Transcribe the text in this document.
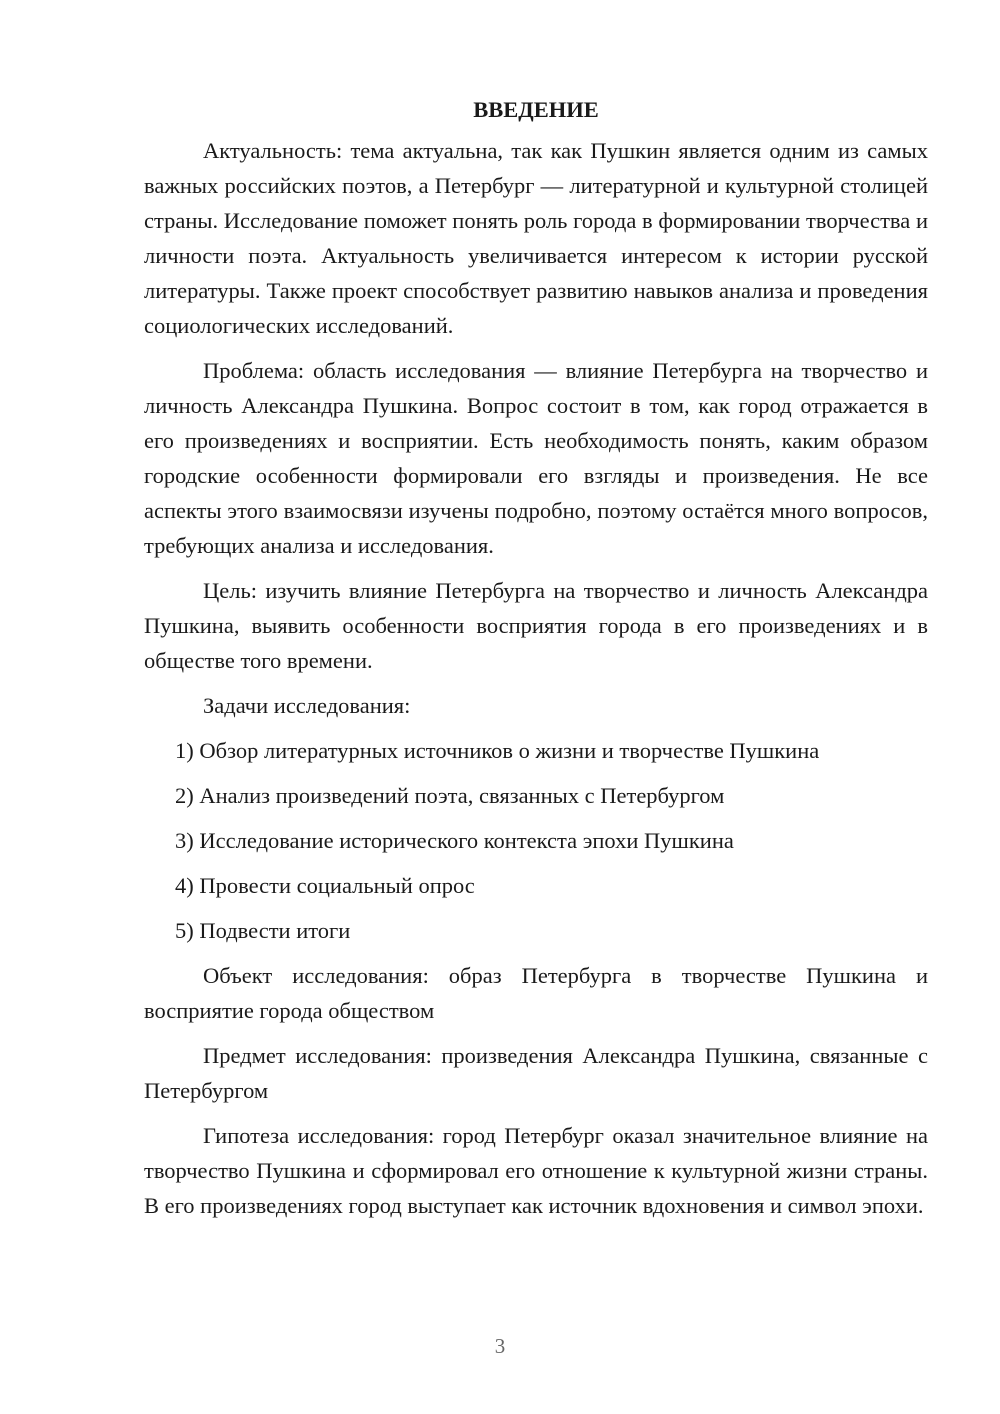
ВВЕДЕНИЕ

Актуальность: тема актуальна, так как Пушкин является одним из самых важных российских поэтов, а Петербург — литературной и культурной столицей страны. Исследование поможет понять роль города в формировании творчества и личности поэта. Актуальность увеличивается интересом к истории русской литературы. Также проект способствует развитию навыков анализа и проведения социологических исследований.

Проблема: область исследования — влияние Петербурга на творчество и личность Александра Пушкина. Вопрос состоит в том, как город отражается в его произведениях и восприятии. Есть необходимость понять, каким образом городские особенности формировали его взгляды и произведения. Не все аспекты этого взаимосвязи изучены подробно, поэтому остаётся много вопросов, требующих анализа и исследования.

Цель: изучить влияние Петербурга на творчество и личность Александра Пушкина, выявить особенности восприятия города в его произведениях и в обществе того времени.

Задачи исследования:

1) Обзор литературных источников о жизни и творчестве Пушкина
2) Анализ произведений поэта, связанных с Петербургом
3) Исследование исторического контекста эпохи Пушкина
4) Провести социальный опрос
5) Подвести итоги

Объект исследования: образ Петербурга в творчестве Пушкина и восприятие города обществом

Предмет исследования: произведения Александра Пушкина, связанные с Петербургом

Гипотеза исследования: город Петербург оказал значительное влияние на творчество Пушкина и сформировал его отношение к культурной жизни страны. В его произведениях город выступает как источник вдохновения и символ эпохи.

3
